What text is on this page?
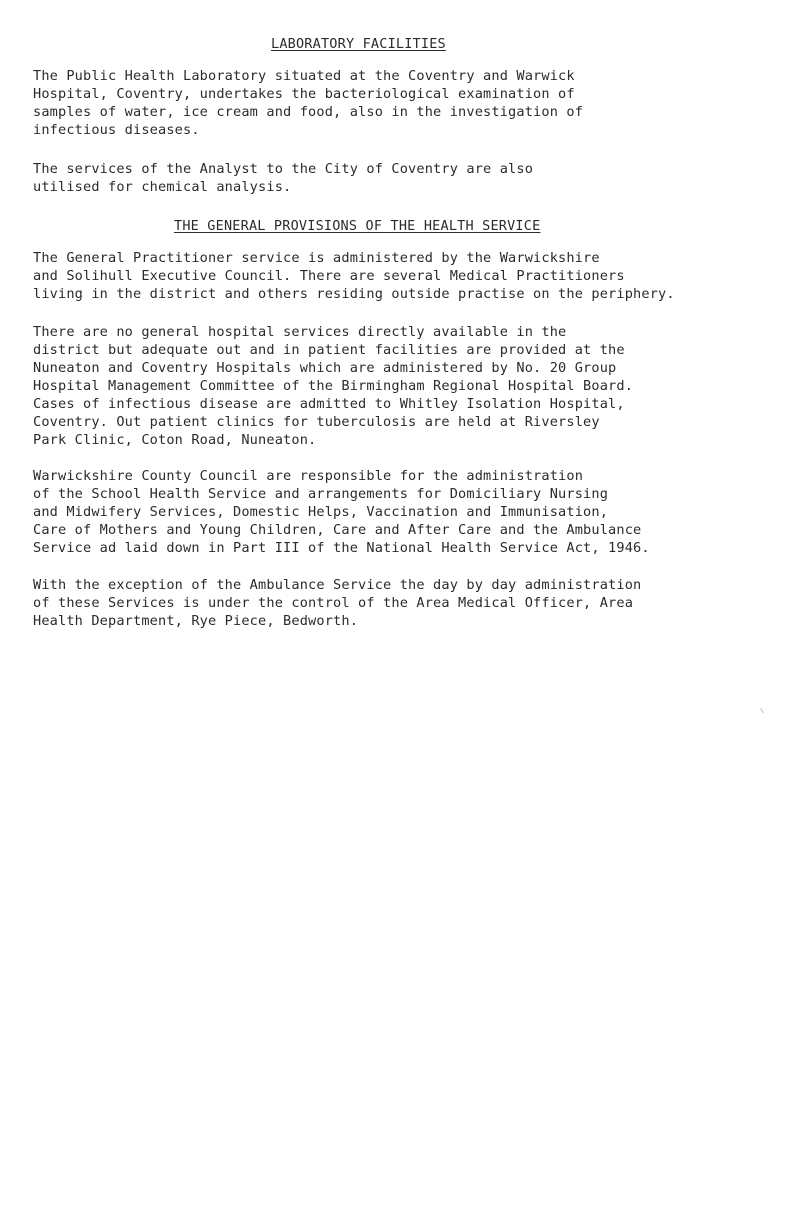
LABORATORY FACILITIES
The Public Health Laboratory situated at the Coventry and Warwick
Hospital, Coventry, undertakes the bacteriological examination of
samples of water, ice cream and food, also in the investigation of
infectious diseases.
The services of the Analyst to the City of Coventry are also
utilised for chemical analysis.
THE GENERAL PROVISIONS OF THE HEALTH SERVICE
The General Practitioner service is administered by the Warwickshire
and Solihull Executive Council. There are several Medical Practitioners
living in the district and others residing outside practise on the periphery.
There are no general hospital services directly available in the
district but adequate out and in patient facilities are provided at the
Nuneaton and Coventry Hospitals which are administered by No. 20 Group
Hospital Management Committee of the Birmingham Regional Hospital Board.
Cases of infectious disease are admitted to Whitley Isolation Hospital,
Coventry. Out patient clinics for tuberculosis are held at Riversley
Park Clinic, Coton Road, Nuneaton.
Warwickshire County Council are responsible for the administration
of the School Health Service and arrangements for Domiciliary Nursing
and Midwifery Services, Domestic Helps, Vaccination and Immunisation,
Care of Mothers and Young Children, Care and After Care and the Ambulance
Service ad laid down in Part III of the National Health Service Act, 1946.
With the exception of the Ambulance Service the day by day administration
of these Services is under the control of the Area Medical Officer, Area
Health Department, Rye Piece, Bedworth.
